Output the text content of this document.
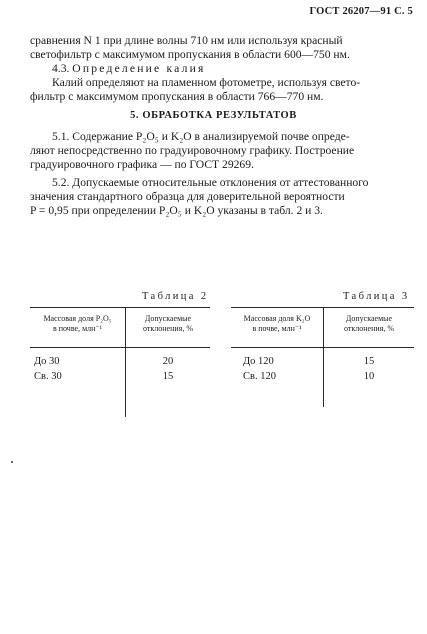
ГОСТ 26207—91 С. 5

сравнения N 1 при длине волны 710 нм или используя красный
светофильтр с максимумом пропускания в области 600—750 нм.

4.3. Определение калия

Калий определяют на пламенном фотометре, используя свето-
фильтр с максимумом пропускания в области 766—770 нм.

5. ОБРАБОТКА РЕЗУЛЬТАТОВ

5.1. Содержание P₂O₅ и K₂O в анализируемой почве опреде-
ляют непосредственно по градуировочному графику. Построение
градуировочного графика — по ГОСТ 29269.

5.2. Допускаемые относительные отклонения от аттестованного
значения стандартного образца для доверительной вероятности
P = 0,95 при определении P₂O₅ и K₂O указаны в табл. 2 и 3.

Таблица 2	Таблица 3
Массовая доля P₂O₅
в почве, млн⁻¹
Допускаемые
отклонения, %
До 30	20
Св. 30	15
Массовая доля K₂O
в почве, млн⁻¹
Допускаемые
отклонения, %
До 120	15
Св. 120	10
